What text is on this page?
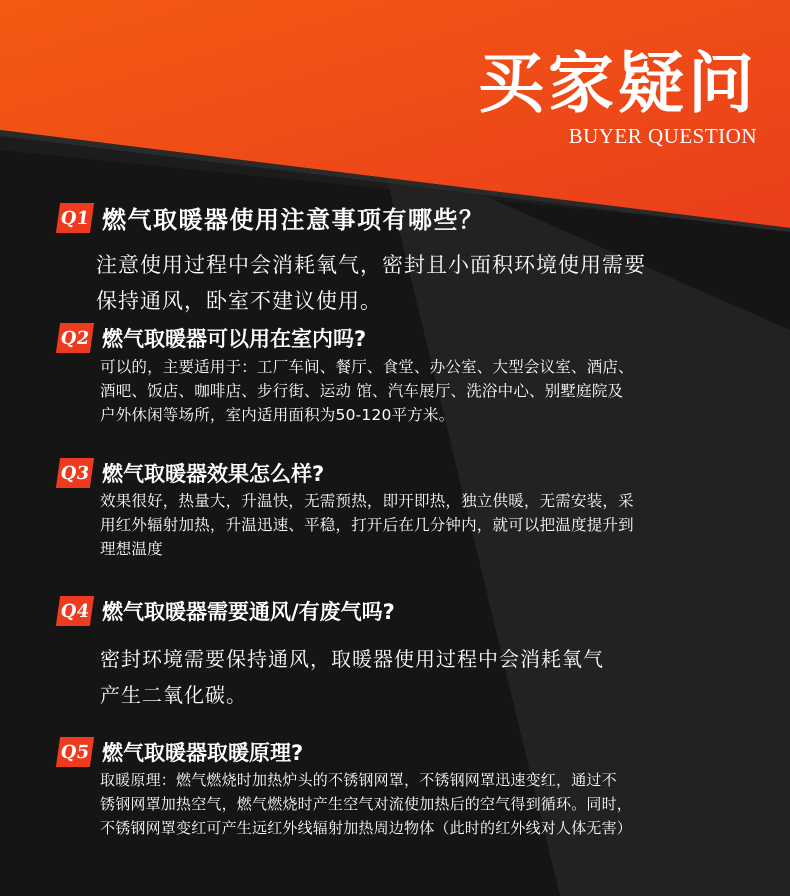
买家疑问
BUYER QUESTION
Q1 燃气取暖器使用注意事项有哪些？
注意使用过程中会消耗氧气，密封且小面积环境使用需要
保持通风，卧室不建议使用。
Q2 燃气取暖器可以用在室内吗?
可以的，主要适用于：工厂车间、餐厅、食堂、办公室、大型会议室、酒店、
酒吧、饭店、咖啡店、步行街、运动 馆、汽车展厅、洗浴中心、别墅庭院及
户外休闲等场所，室内适用面积为50-120平方米。
Q3 燃气取暖器效果怎么样?
效果很好，热量大，升温快，无需预热，即开即热，独立供暖，无需安装，采
用红外辐射加热，升温迅速、平稳，打开后在几分钟内，就可以把温度提升到
理想温度
Q4 燃气取暖器需要通风/有废气吗?
密封环境需要保持通风，取暖器使用过程中会消耗氧气
产生二氧化碳。
Q5 燃气取暖器取暖原理?
取暖原理：燃气燃烧时加热炉头的不锈钢网罩，不锈钢网罩迅速变红，通过不
锈钢网罩加热空气，燃气燃烧时产生空气对流使加热后的空气得到循环。同时，
不锈钢网罩变红可产生远红外线辐射加热周边物体（此时的红外线对人体无害）
